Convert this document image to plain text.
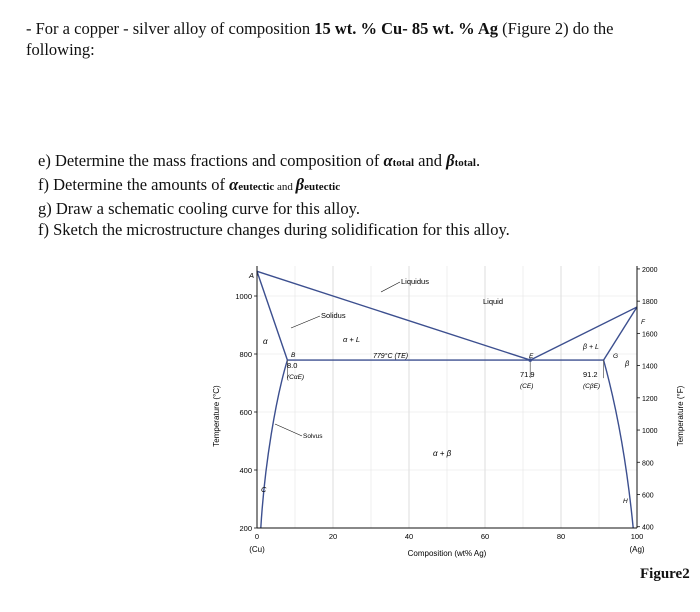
- For a copper - silver alloy of composition 15 wt. % Cu- 85 wt. % Ag (Figure 2) do the following:
e) Determine the mass fractions and composition of αtotal and βtotal.
f) Determine the amounts of αeutectic and βeutectic
g) Draw a schematic cooling curve for this alloy.
f) Sketch the microstructure changes during solidification for this alloy.
0	20	40	60	80	100
200
400
600
800
1000
400
600
800
1000
1200
1400
1600
1800
2000
Temperature (°C)	Temperature (°F)
Composition (wt% Ag)
(Cu)	(Ag)
Liquidus
Liquid
Solidus
Solvus
α	α + L
β + L
α + β
β
779°C (TE)
8.0
(CαE)	71.9
(CE)
91.2
(CβE)
A
B
C
E
F
G
H
Figure2
